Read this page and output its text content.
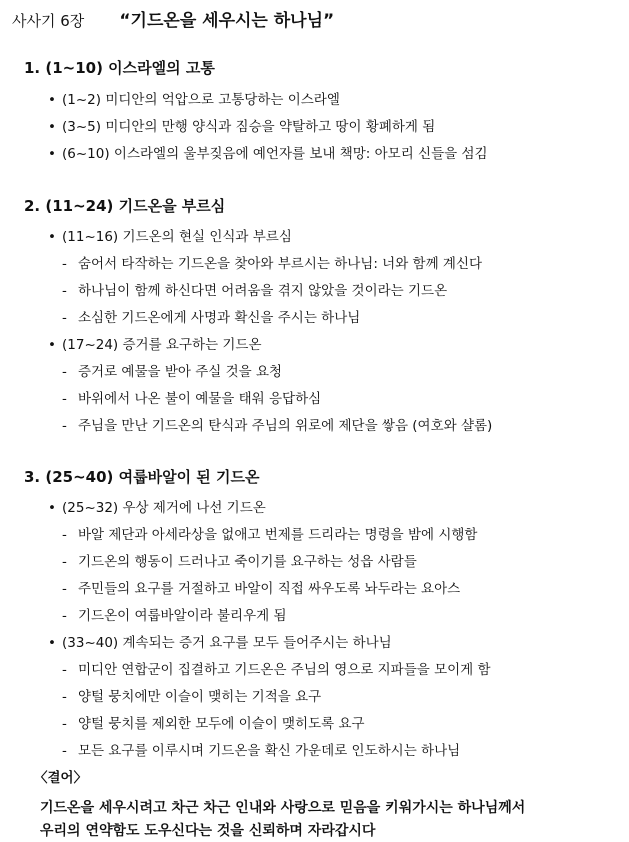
사사기 6장 “기드온을 세우시는 하나님”
1. (1~10) 이스라엘의 고통
• (1~2) 미디안의 억압으로 고통당하는 이스라엘
• (3~5) 미디안의 만행 양식과 짐승을 약탈하고 땅이 황폐하게 됨
• (6~10) 이스라엘의 울부짖음에 예언자를 보내 책망: 아모리 신들을 섬김
2. (11~24) 기드온을 부르심
• (11~16) 기드온의 현실 인식과 부르심
- 숨어서 타작하는 기드온을 찾아와 부르시는 하나님: 너와 함께 계신다
- 하나님이 함께 하신다면 어려움을 겪지 않았을 것이라는 기드온
- 소심한 기드온에게 사명과 확신을 주시는 하나님
• (17~24) 증거를 요구하는 기드온
- 증거로 예물을 받아 주실 것을 요청
- 바위에서 나온 불이 예물을 태워 응답하심
- 주님을 만난 기드온의 탄식과 주님의 위로에 제단을 쌓음 (여호와 샬롬)
3. (25~40) 여룹바알이 된 기드온
• (25~32) 우상 제거에 나선 기드온
- 바알 제단과 아세라상을 없애고 번제를 드리라는 명령을 밤에 시행함
- 기드온의 행동이 드러나고 죽이기를 요구하는 성읍 사람들
- 주민들의 요구를 거절하고 바알이 직접 싸우도록 놔두라는 요아스
- 기드온이 여룹바알이라 불리우게 됨
• (33~40) 계속되는 증거 요구를 모두 들어주시는 하나님
- 미디안 연합군이 집결하고 기드온은 주님의 영으로 지파들을 모이게 함
- 양털 뭉치에만 이슬이 맺히는 기적을 요구
- 양털 뭉치를 제외한 모두에 이슬이 맺히도록 요구
- 모든 요구를 이루시며 기드온을 확신 가운데로 인도하시는 하나님
〈결어〉
기드온을 세우시려고 차근 차근 인내와 사랑으로 믿음을 키워가시는 하나님께서
우리의 연약함도 도우신다는 것을 신뢰하며 자라갑시다
